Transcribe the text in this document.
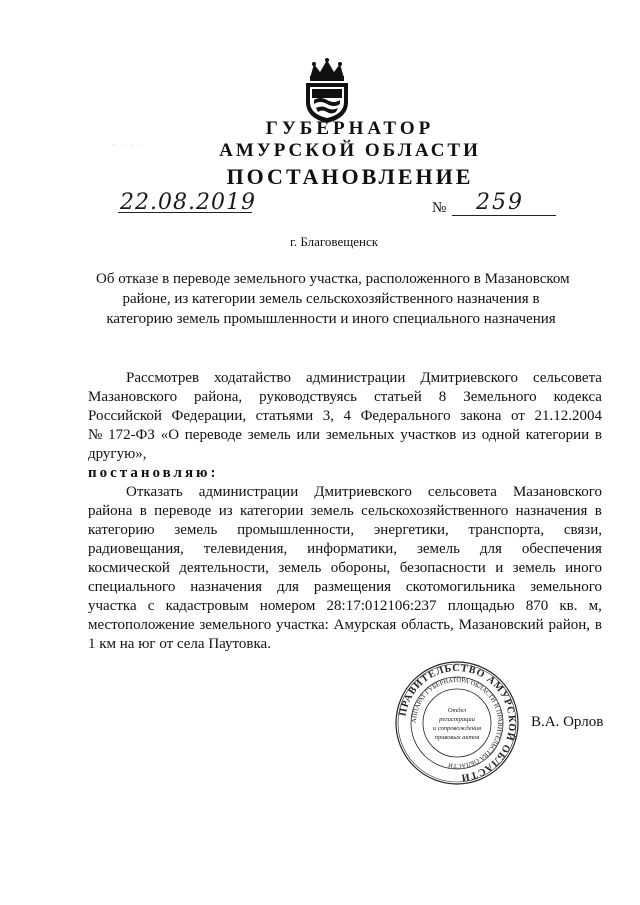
· · · ·
ГУБЕРНАТОР
АМУРСКОЙ ОБЛАСТИ
ПОСТАНОВЛЕНИЕ
22.08.2019	№ 259
г. Благовещенск
Об отказе в переводе земельного участка, расположенного в Мазановском
районе, из категории земель сельскохозяйственного назначения в
категорию земель промышленности и иного специального назначения
Рассмотрев ходатайство администрации Дмитриевского сельсовета
Мазановского района, руководствуясь статьей 8 Земельного кодекса
Российской Федерации, статьями 3, 4 Федерального закона от 21.12.2004
№ 172-ФЗ «О переводе земель или земельных участков из одной категории в
другую»,
постановляю:
Отказать администрации Дмитриевского сельсовета Мазановского
района в переводе из категории земель сельскохозяйственного назначения в
категорию земель промышленности, энергетики, транспорта, связи,
радиовещания, телевидения, информатики, земель для обеспечения
космической деятельности, земель обороны, безопасности и земель иного
специального назначения для размещения скотомогильника земельного
участка с кадастровым номером 28:17:012106:237 площадью 870 кв. м,
местоположение земельного участка: Амурская область, Мазановский район, в
1 км на юг от села Паутовка.
ПРАВИТЕЛЬСТВО АМУРСКОЙ ОБЛАСТИ
АППАРАТ ГУБЕРНАТОРА ОБЛАСТИ И ПРАВИТЕЛЬСТВА ОБЛАСТИ
Отдел
регистрации
и сопровождения
правовых актов
В.А. Орлов
